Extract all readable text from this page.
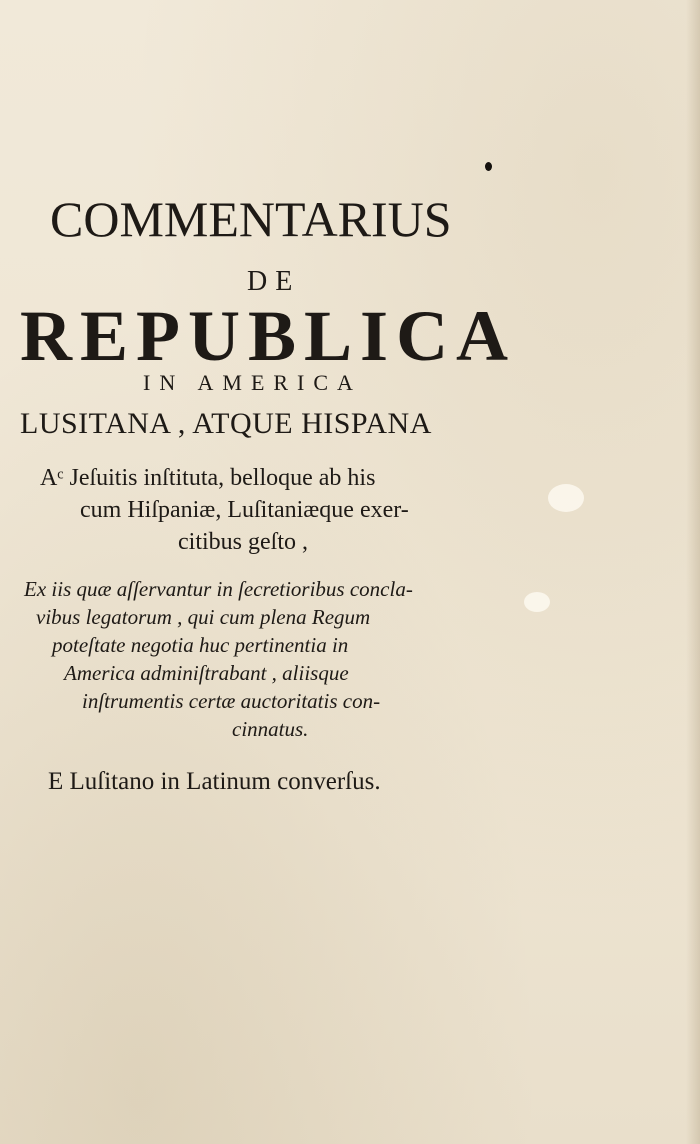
COMMENTARIUS
DE
REPUBLICA
IN AMERICA
LUSITANA , ATQUE HISPANA
Aᶜ Jeſuitis inſtituta, belloque ab his
cum Hiſpaniæ, Luſitaniæque exer-
citibus geſto ,
Ex iis quæ aſſervantur in ſecretioribus concla-
vibus legatorum , qui cum plena Regum
poteſtate negotia huc pertinentia in
America adminiſtrabant , aliisque
inſtrumentis certæ auctoritatis con-
cinnatus.
E Luſitano in Latinum converſus.
